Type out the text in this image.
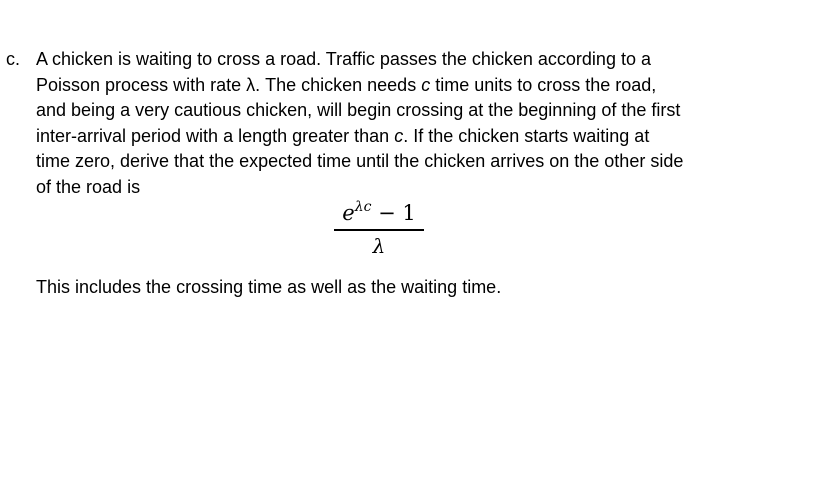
c. A chicken is waiting to cross a road. Traffic passes the chicken according to a
Poisson process with rate λ. The chicken needs c time units to cross the road,
and being a very cautious chicken, will begin crossing at the beginning of the first
inter-arrival period with a length greater than c. If the chicken starts waiting at
time zero, derive that the expected time until the chicken arrives on the other side
of the road is
$e^{\lambda c} - 1$
λ
This includes the crossing time as well as the waiting time.
